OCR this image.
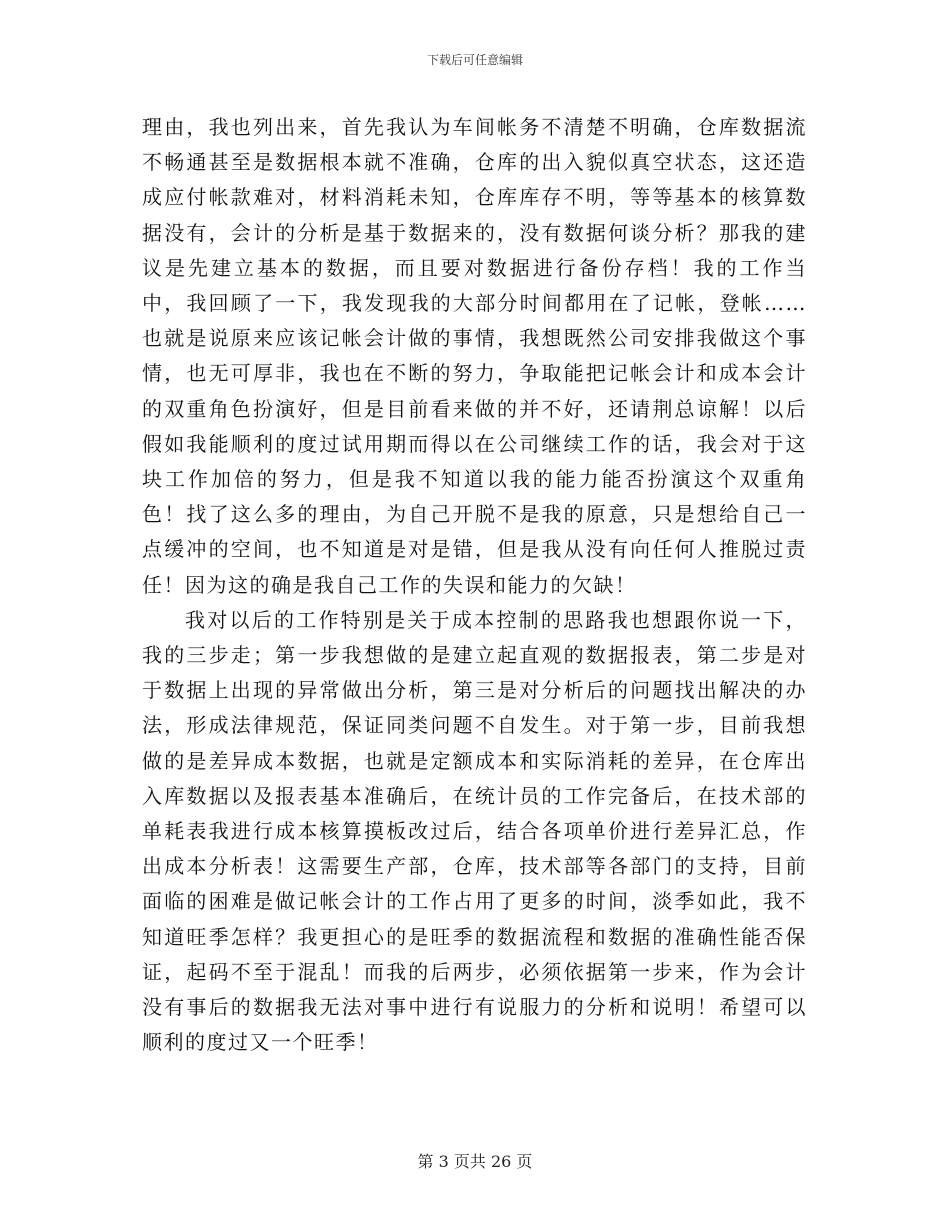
下载后可任意编辑

理由，我也列出来，首先我认为车间帐务不清楚不明确，仓库数据流不畅通甚至是数据根本就不准确，仓库的出入貌似真空状态，这还造成应付帐款难对，材料消耗未知，仓库库存不明，等等基本的核算数据没有，会计的分析是基于数据来的，没有数据何谈分析？那我的建议是先建立基本的数据，而且要对数据进行备份存档！我的工作当中，我回顾了一下，我发现我的大部分时间都用在了记帐，登帐……也就是说原来应该记帐会计做的事情，我想既然公司安排我做这个事情，也无可厚非，我也在不断的努力，争取能把记帐会计和成本会计的双重角色扮演好，但是目前看来做的并不好，还请荆总谅解！以后假如我能顺利的度过试用期而得以在公司继续工作的话，我会对于这块工作加倍的努力，但是我不知道以我的能力能否扮演这个双重角色！找了这么多的理由，为自己开脱不是我的原意，只是想给自己一点缓冲的空间，也不知道是对是错，但是我从没有向任何人推脱过责任！因为这的确是我自己工作的失误和能力的欠缺！

我对以后的工作特别是关于成本控制的思路我也想跟你说一下，我的三步走；第一步我想做的是建立起直观的数据报表，第二步是对于数据上出现的异常做出分析，第三是对分析后的问题找出解决的办法，形成法律规范，保证同类问题不自发生。对于第一步，目前我想做的是差异成本数据，也就是定额成本和实际消耗的差异，在仓库出入库数据以及报表基本准确后，在统计员的工作完备后，在技术部的单耗表我进行成本核算摸板改过后，结合各项单价进行差异汇总，作出成本分析表！这需要生产部，仓库，技术部等各部门的支持，目前面临的困难是做记帐会计的工作占用了更多的时间，淡季如此，我不知道旺季怎样？我更担心的是旺季的数据流程和数据的准确性能否保证，起码不至于混乱！而我的后两步，必须依据第一步来，作为会计没有事后的数据我无法对事中进行有说服力的分析和说明！希望可以顺利的度过又一个旺季！

第 3 页共 26 页
